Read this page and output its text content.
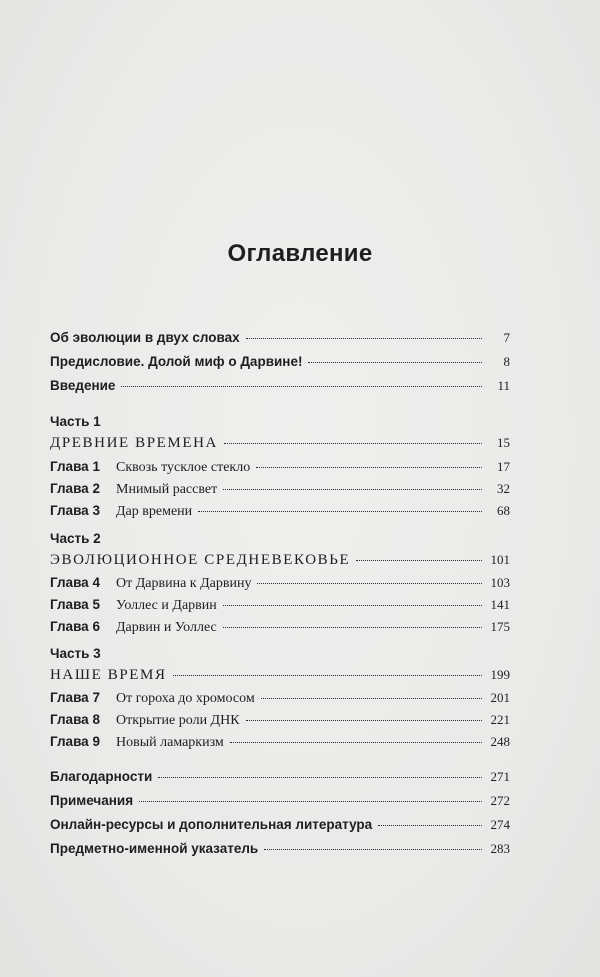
Оглавление
Об эволюции в двух словах	7
Предисловие. Долой миф о Дарвине!	8
Введение	11
Часть 1
ДРЕВНИЕ ВРЕМЕНА	15
Глава 1	Сквозь тусклое стекло	17
Глава 2	Мнимый рассвет	32
Глава 3	Дар времени	68
Часть 2
ЭВОЛЮЦИОННОЕ СРЕДНЕВЕКОВЬЕ	101
Глава 4	От Дарвина к Дарвину	103
Глава 5	Уоллес и Дарвин	141
Глава 6	Дарвин и Уоллес	175
Часть 3
НАШЕ ВРЕМЯ	199
Глава 7	От гороха до хромосом	201
Глава 8	Открытие роли ДНК	221
Глава 9	Новый ламаркизм	248
Благодарности	271
Примечания	272
Онлайн-ресурсы и дополнительная литература	274
Предметно-именной указатель	283
